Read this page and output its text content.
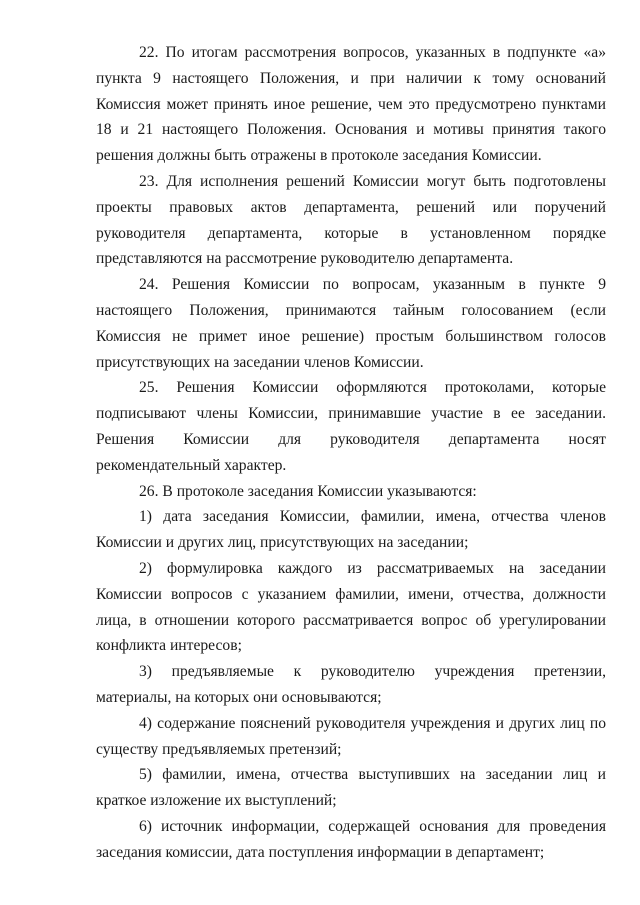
22. По итогам рассмотрения вопросов, указанных в подпункте «а» пункта 9 настоящего Положения, и при наличии к тому оснований Комиссия может принять иное решение, чем это предусмотрено пунктами 18 и 21 настоящего Положения. Основания и мотивы принятия такого решения должны быть отражены в протоколе заседания Комиссии.

23. Для исполнения решений Комиссии могут быть подготовлены проекты правовых актов департамента, решений или поручений руководителя департамента, которые в установленном порядке представляются на рассмотрение руководителю департамента.

24. Решения Комиссии по вопросам, указанным в пункте 9 настоящего Положения, принимаются тайным голосованием (если Комиссия не примет иное решение) простым большинством голосов присутствующих на заседании членов Комиссии.

25. Решения Комиссии оформляются протоколами, которые подписывают члены Комиссии, принимавшие участие в ее заседании. Решения Комиссии для руководителя департамента носят рекомендательный характер.

26. В протоколе заседания Комиссии указываются:

1) дата заседания Комиссии, фамилии, имена, отчества членов Комиссии и других лиц, присутствующих на заседании;

2) формулировка каждого из рассматриваемых на заседании Комиссии вопросов с указанием фамилии, имени, отчества, должности лица, в отношении которого рассматривается вопрос об урегулировании конфликта интересов;

3) предъявляемые к руководителю учреждения претензии, материалы, на которых они основываются;

4) содержание пояснений руководителя учреждения и других лиц по существу предъявляемых претензий;

5) фамилии, имена, отчества выступивших на заседании лиц и краткое изложение их выступлений;

6) источник информации, содержащей основания для проведения заседания комиссии, дата поступления информации в департамент;
